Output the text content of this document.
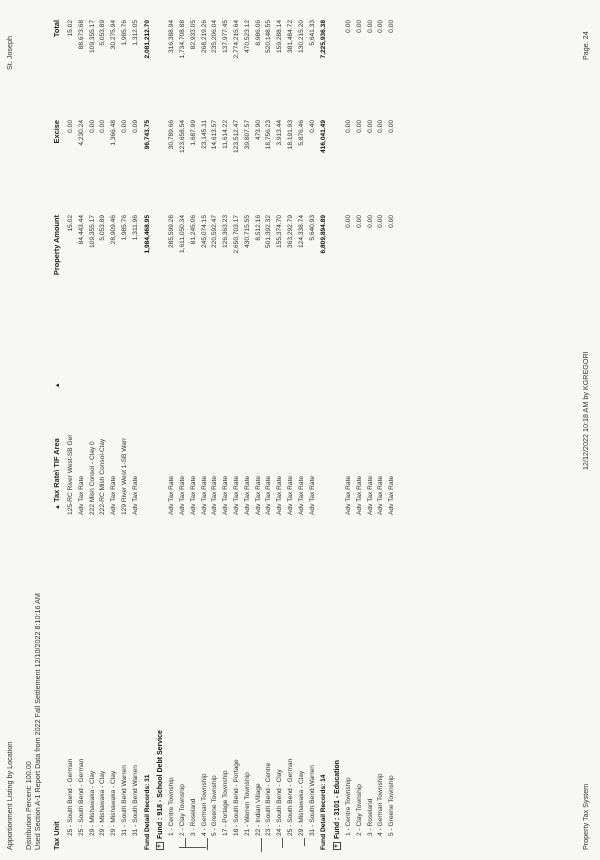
Apportionment Listing by Location
St. Joseph
Distribution Percent: 100.00 Used Section A-1 Report Data from 2022 Fall Settlement 12/10/2022 8:10:16 AM Tax Unit
▲ Tax Rate\ TIF Area ▲
Property Amount
Excise
Total
25 - South Bend - German
125-RC River West-SB Ger
15.02
0.00
15.02
25 - South Bend - German
Adv Tax Rate
84,443.44
4,230.24
88,673.68
29 - Mishawaka - Clay
222 Mish Consol - Clay 0
109,355.17
0.00
109,355.17
29 - Mishawaka - Clay
222-RC Mish Consol-Clay
5,053.89
0.00
5,053.89
29 - Mishawaka - Clay
Adv Tax Rate
28,909.46
1,366.48
30,275.94
31 - South Bend Warren
129 River West 1-SB Warr
1,985.76
0.00
1,985.76
31 - South Bend Warren
Adv Tax Rate
1,311.96
0.09
1,312.05
Fund Detail Records: 31
1,984,468.95
96,743.75
2,081,212.70
+Fund : 918 - School Debt Service 1 - Centre Township
Adv Tax Rate
285,599.28
30,789.66
316,388.94
2 - Clay Township
Adv Tax Rate
1,611,050.34
123,658.54
1,734,708.88
3 - Roseland
Adv Tax Rate
81,245.06
1,687.99
82,933.05
4 - German Township
Adv Tax Rate
245,074.15
23,145.11
268,219.26
5 - Greene Township
Adv Tax Rate
220,592.47
14,613.57
235,206.04
17 - Portage Township
Adv Tax Rate
126,363.23
11,614.22
137,977.45
18 - South Bend - Portage
Adv Tax Rate
2,650,703.17
123,512.47
2,774,215.64
21 - Warren Township
Adv Tax Rate
430,715.55
39,807.57
470,523.12
22 - Indian Village
Adv Tax Rate
8,512.16
473.90
8,986.06
23 - South Bend - Centre
Adv Tax Rate
501,392.32
18,756.23
520,148.55
24 - South Bend - Clay
Adv Tax Rate
155,374.70
3,913.44
159,288.14
25 - South Bend - German
Adv Tax Rate
363,292.79
18,191.93
381,484.72
29 - Mishawaka - Clay
Adv Tax Rate
124,338.74
5,876.46
130,215.20
31 - South Bend Warren
Adv Tax Rate
5,640.93
0.40
5,641.33
Fund Detail Records: 14
6,809,894.89
416,041.49
7,225,936.38
+Fund : 3101 - Education 1 - Centre Township
Adv Tax Rate
0.00
0.00
0.00
2 - Clay Township
Adv Tax Rate
0.00
0.00
0.00
3 - Roseland
Adv Tax Rate
0.00
0.00
0.00
4 - German Township
Adv Tax Rate
0.00
0.00
0.00
5 - Greene Township
Adv Tax Rate
0.00
0.00
0.00
Property Tax System
12/12/2022 10:18 AM by KGREGORI
Page. 24
